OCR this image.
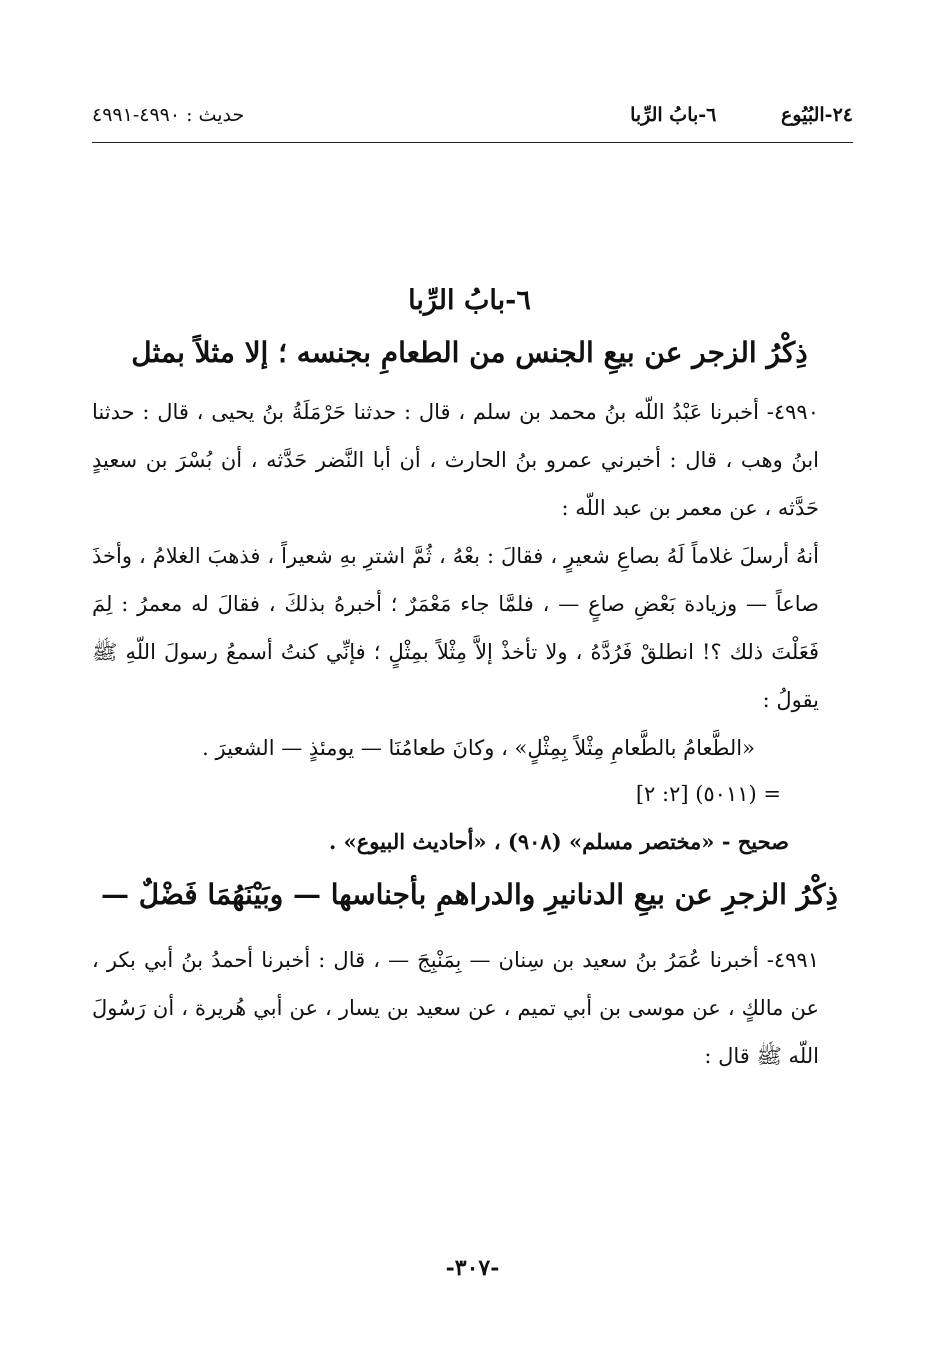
٢٤-البُيُوع ٦-بابُ الرِّبا
حديث : ٤٩٩٠-٤٩٩١
٦-بابُ الرِّبا
ذِكْرُ الزجر عن بيعِ الجنس من الطعامِ بجنسه ؛ إلا مثلاً بمثل

٤٩٩٠- أخبرنا عَبْدُ اللّه بنُ محمد بن سلم ، قال : حدثنا حَرْمَلَةُ بنُ يحيى ، قال : حدثنا ابنُ وهب ، قال : أخبرني عمرو بنُ الحارث ، أن أبا النَّضر حَدَّثه ، أن بُسْرَ بن سعيدٍ حَدَّثه ، عن معمر بن عبد اللّه :

أنهُ أرسلَ غلاماً لَهُ بصاعِ شعيرٍ ، فقالَ : بعْهُ ، ثُمَّ اشترِ بهِ شعيراً ، فذهبَ الغلامُ ، وأخذَ صاعاً — وزيادة بَعْضِ صاعٍ — ، فلمَّا جاء مَعْمَرٌ ؛ أخبرهُ بذلكَ ، فقالَ له معمرُ : لِمَ فَعَلْتَ ذلك ؟! انطلقْ فَرُدَّهُ ، ولا تأخذْ إلاَّ مِثْلاً بمِثْلٍ ؛ فإنِّي كنتُ أسمعُ رسولَ اللّهِ ﷺ يقولُ :

«الطَّعامُ بالطَّعامِ مِثْلاً بِمِثْلٍ» ، وكانَ طعامُنَا — يومئذٍ — الشعيرَ .

= (٥٠١١) [٢: ٢]

صحيح - «مختصر مسلم» (٩٠٨) ، «أحاديث البيوع» .

ذِكْرُ الزجرِ عن بيعِ الدنانيرِ والدراهمِ بأجناسها — وبَيْنَهُمَا فَضْلٌ —

٤٩٩١- أخبرنا عُمَرُ بنُ سعيد بن سِنان — بِمَنْبِجَ — ، قال : أخبرنا أحمدُ بنُ أبي بكر ، عن مالكٍ ، عن موسى بن أبي تميم ، عن سعيد بن يسار ، عن أبي هُريرة ، أن رَسُولَ اللّه ﷺ قال :

-٣٠٧-
